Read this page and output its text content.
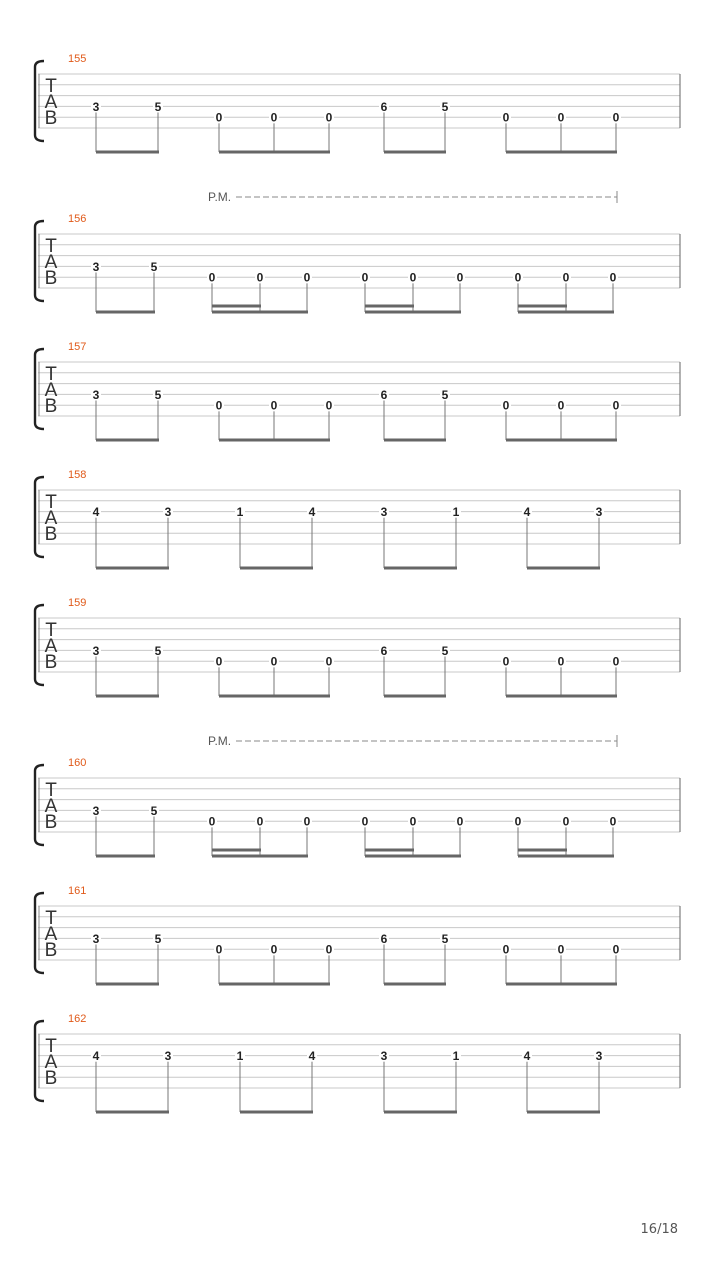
T
A
B
155
3	5
0	0	0
6	5
0	0	0
T
A
B
156
P.M.
3	5
0	0	0	0	0	0	0	0	0
T
A
B
157
3	5
0	0	0
6	5
0	0	0
T
A
B
158
4	3	1	4	3	1	4	3
T
A
B
159
3	5
0	0	0
6	5
0	0	0
T
A
B
160
P.M.
3	5
0	0	0	0	0	0	0	0	0
T
A
B
161
3	5
0	0	0
6	5
0	0	0
T
A
B
162
4	3	1	4	3	1	4	3
16/18
